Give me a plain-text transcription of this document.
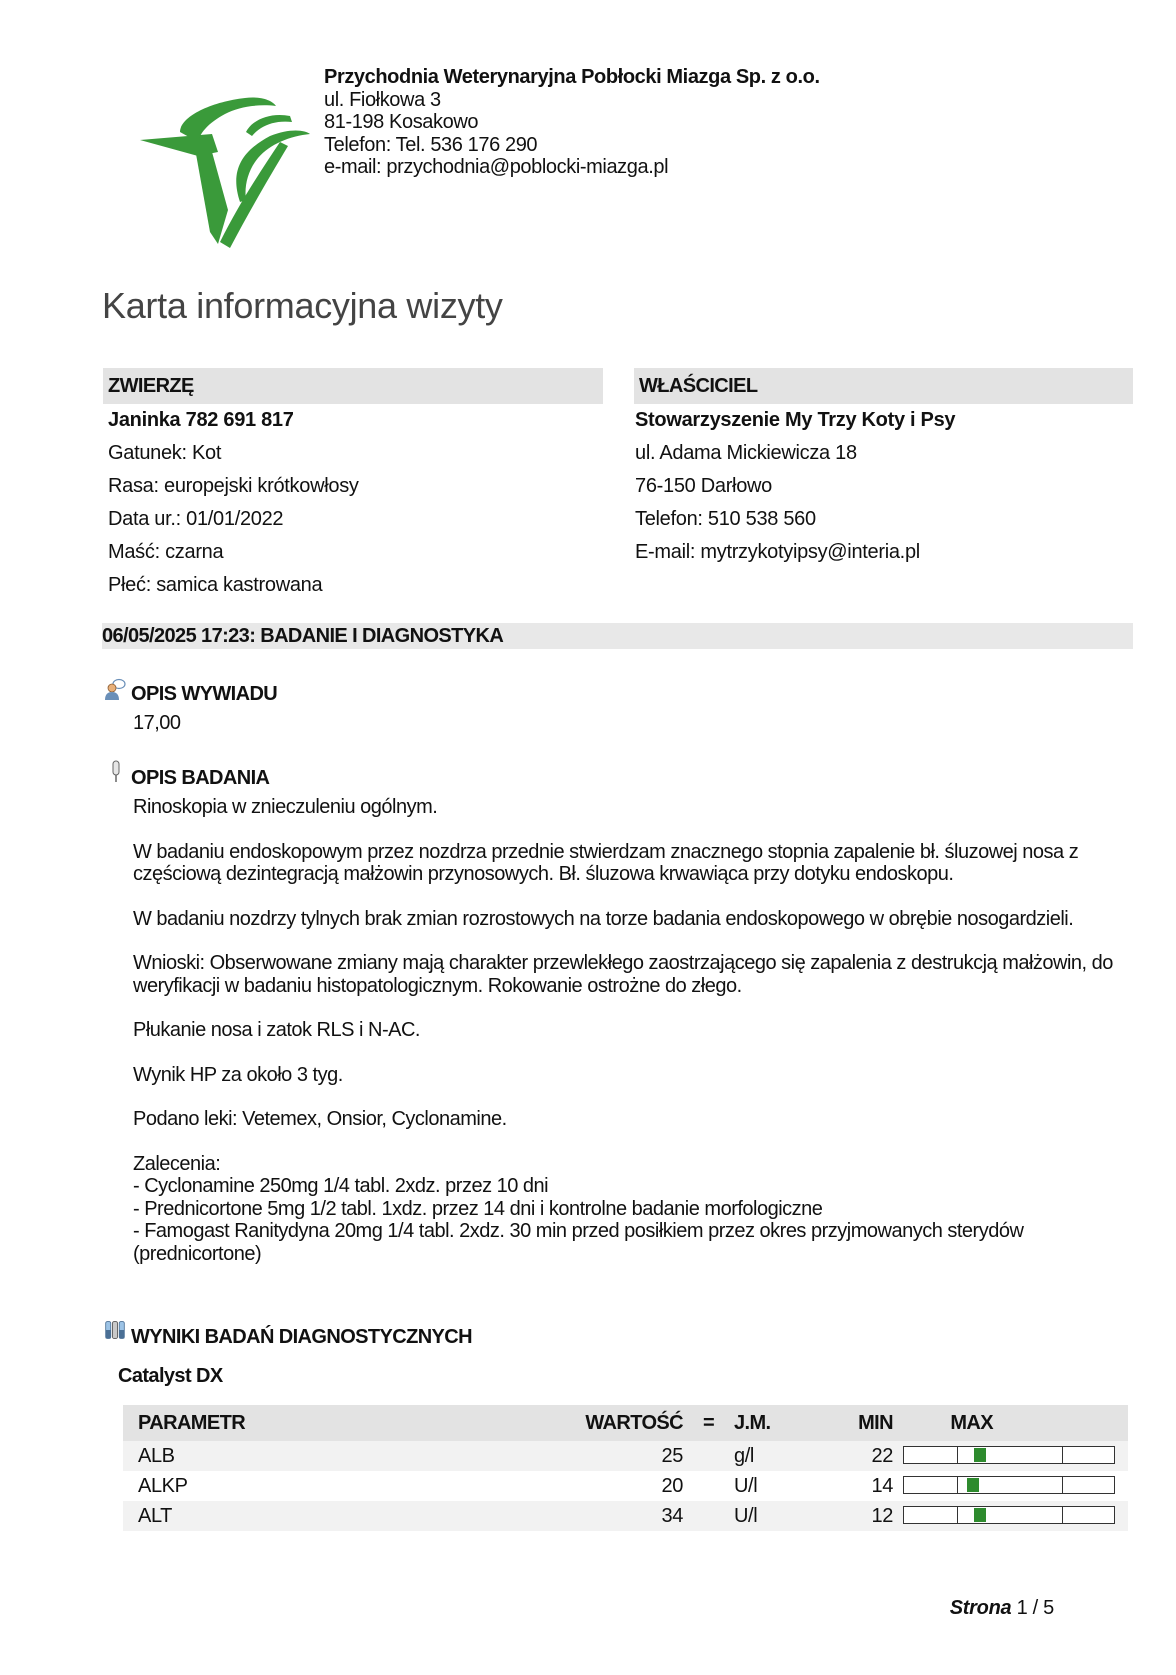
Przychodnia Weterynaryjna Pobłocki Miazga Sp. z o.o.
ul. Fiołkowa 3
81-198 Kosakowo
Telefon: Tel. 536 176 290
e-mail: przychodnia@poblocki-miazga.pl
Karta informacyjna wizyty
ZWIERZĘ	WŁAŚCICIEL
Janinka 782 691 817
Gatunek: Kot
Rasa: europejski krótkowłosy
Data ur.: 01/01/2022
Maść: czarna
Płeć: samica kastrowana
Stowarzyszenie My Trzy Koty i Psy
ul. Adama Mickiewicza 18
76-150 Darłowo
Telefon: 510 538 560
E-mail: mytrzykotyipsy@interia.pl
06/05/2025 17:23: BADANIE I DIAGNOSTYKA
OPIS WYWIADU
17,00
OPIS BADANIA

Rinoskopia w znieczuleniu ogólnym.

W badaniu endoskopowym przez nozdrza przednie stwierdzam znacznego stopnia zapalenie bł. śluzowej nosa z częściową dezintegracją małżowin przynosowych. Bł. śluzowa krwawiąca przy dotyku endoskopu.

W badaniu nozdrzy tylnych brak zmian rozrostowych na torze badania endoskopowego w obrębie nosogardzieli.

Wnioski: Obserwowane zmiany mają charakter przewlekłego zaostrzającego się zapalenia z destrukcją małżowin, do weryfikacji w badaniu histopatologicznym. Rokowanie ostrożne do złego.

Płukanie nosa i zatok RLS i N-AC.

Wynik HP za około 3 tyg.

Podano leki: Vetemex, Onsior, Cyclonamine.

Zalecenia:
- Cyclonamine 250mg 1/4 tabl. 2xdz. przez 10 dni
- Prednicortone 5mg 1/2 tabl. 1xdz. przez 14 dni i kontrolne badanie morfologiczne
- Famogast Ranitydyna 20mg 1/4 tabl. 2xdz. 30 min przed posiłkiem przez okres przyjmowanych sterydów (prednicortone)
WYNIKI BADAŃ DIAGNOSTYCZNYCH
Catalyst DX
PARAMETR	WARTOŚĆ = J.M.	MIN	MAX
ALB	25	g/l	22
ALKP	20	U/l	14
ALT	34	U/l	12
Strona 1 / 5
